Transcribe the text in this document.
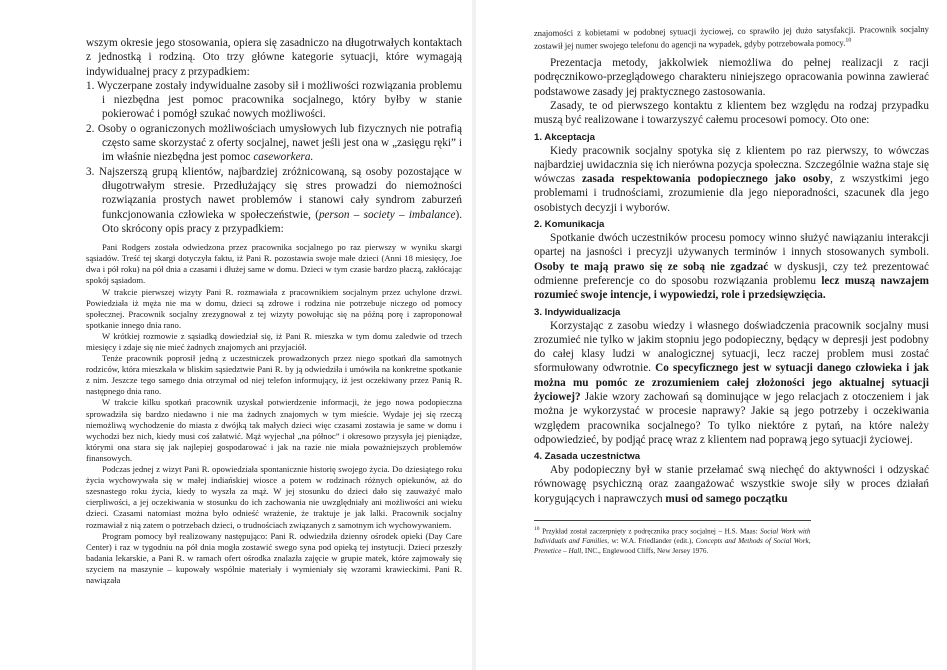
wszym okresie jego stosowania, opiera się zasadniczo na długotrwałych kontaktach z jednostką i rodziną. Oto trzy główne kategorie sytuacji, które wymagają indywidualnej pracy z przypadkiem:

1. Wyczerpane zostały indywidualne zasoby sił i możliwości rozwiązania problemu i niezbędna jest pomoc pracownika socjalnego, który byłby w stanie pokierować i pomógł szukać nowych możliwości.
2. Osoby o ograniczonych możliwościach umysłowych lub fizycznych nie potrafią często same skorzystać z oferty socjalnej, nawet jeśli jest ona w „zasięgu ręki” i im właśnie niezbędna jest pomoc caseworkera.
3. Najszerszą grupą klientów, najbardziej zróżnicowaną, są osoby pozostające w długotrwałym stresie. Przedłużający się stres prowadzi do niemożności rozwiązania prostych nawet problemów i stanowi cały syndrom zaburzeń funkcjonowania człowieka w społeczeństwie, (person – society – imbalance). Oto skrócony opis pracy z przypadkiem:

Pani Rodgers została odwiedzona przez pracownika socjalnego po raz pierwszy w wyniku skargi sąsiadów. Treść tej skargi dotyczyła faktu, iż Pani R. pozostawia swoje małe dzieci (Anni 18 miesięcy, Joe dwa i pół roku) na pół dnia a czasami i dłużej same w domu. Dzieci w tym czasie bardzo płaczą, zakłócając spokój sąsiadom.

W trakcie pierwszej wizyty Pani R. rozmawiała z pracownikiem socjalnym przez uchylone drzwi. Powiedziała iż męża nie ma w domu, dzieci są zdrowe i rodzina nie potrzebuje niczego od pomocy społecznej. Pracownik socjalny zrezygnował z tej wizyty powołując się na późną porę i zaproponował spotkanie innego dnia rano.

W krótkiej rozmowie z sąsiadką dowiedział się, iż Pani R. mieszka w tym domu zaledwie od trzech miesięcy i zdaje się nie mieć żadnych znajomych ani przyjaciół.

Tenże pracownik poprosił jedną z uczestniczek prowadzonych przez niego spotkań dla samotnych rodziców, która mieszkała w bliskim sąsiedztwie Pani R. by ją odwiedziła i umówiła na konkretne spotkanie z nim. Jeszcze tego samego dnia otrzymał od niej telefon informujący, iż jest oczekiwany przez Panią R. następnego dnia rano.

W trakcie kilku spotkań pracownik uzyskał potwierdzenie informacji, że jego nowa podopieczna sprowadziła się bardzo niedawno i nie ma żadnych znajomych w tym mieście. Wydaje jej się rzeczą niemożliwą wychodzenie do miasta z dwójką tak małych dzieci więc czasami zostawia je same w domu i wychodzi bez nich, kiedy musi coś załatwić. Mąż wyjechał „na północ” i okresowo przysyła jej pieniądze, którymi ona stara się jak najlepiej gospodarować i jak na razie nie miała poważniejszych problemów finansowych.

Podczas jednej z wizyt Pani R. opowiedziała spontanicznie historię swojego życia. Do dziesiątego roku życia wychowywała się w małej indiańskiej wiosce a potem w rodzinach różnych opiekunów, aż do szesnastego roku życia, kiedy to wyszła za mąż. W jej stosunku do dzieci dało się zauważyć mało cierpliwości, a jej oczekiwania w stosunku do ich zachowania nie uwzględniały ani możliwości ani wieku dzieci. Czasami natomiast można było odnieść wrażenie, że traktuje je jak lalki. Pracownik socjalny rozmawiał z nią zatem o potrzebach dzieci, o trudnościach związanych z samotnym ich wychowywaniem.

Program pomocy był realizowany następująco: Pani R. odwiedziła dzienny ośrodek opieki (Day Care Center) i raz w tygodniu na pół dnia mogła zostawić swego syna pod opieką tej instytucji. Dzieci przeszły badania lekarskie, a Pani R. w ramach ofert ośrodka znalazła zajęcie w grupie matek, które zajmowały się szyciem na maszynie – kupowały wspólnie materiały i wymieniały się wzorami krawieckimi. Pani R. nawiązała

znajomości z kobietami w podobnej sytuacji życiowej, co sprawiło jej dużo satysfakcji. Pracownik socjalny zostawił jej numer swojego telefonu do agencji na wypadek, gdyby potrzebowała pomocy.$^{10}$

Prezentacja metody, jakkolwiek niemożliwa do pełnej realizacji z racji podręcznikowo-przeglądowego charakteru niniejszego opracowania powinna zawierać podstawowe zasady jej praktycznego zastosowania.

Zasady, te od pierwszego kontaktu z klientem bez względu na rodzaj przypadku muszą być realizowane i towarzyszyć całemu procesowi pomocy. Oto one:

1. Akceptacja

Kiedy pracownik socjalny spotyka się z klientem po raz pierwszy, to wówczas najbardziej uwidacznia się ich nierówna pozycja społeczna. Szczególnie ważna staje się wówczas zasada respektowania podopiecznego jako osoby, z wszystkimi jego problemami i trudnościami, zrozumienie dla jego nieporadności, szacunek dla jego osobistych decyzji i wyborów.

2. Komunikacja

Spotkanie dwóch uczestników procesu pomocy winno służyć nawiązaniu interakcji opartej na jasności i precyzji używanych terminów i innych stosowanych symboli. Osoby te mają prawo się ze sobą nie zgadzać w dyskusji, czy też prezentować odmienne preferencje co do sposobu rozwiązania problemu lecz muszą nawzajem rozumieć swoje intencje, i wypowiedzi, role i przedsięwzięcia.

3. Indywidualizacja

Korzystając z zasobu wiedzy i własnego doświadczenia pracownik socjalny musi zrozumieć nie tylko w jakim stopniu jego podopieczny, będący w depresji jest podobny do całej klasy ludzi w analogicznej sytuacji, lecz raczej problem musi zostać sformułowany odwrotnie. Co specyficznego jest w sytuacji danego człowieka i jak można mu pomóc ze zrozumieniem całej złożoności jego aktualnej sytuacji życiowej? Jakie wzory zachowań są dominujące w jego relacjach z otoczeniem i jak można je wykorzystać w procesie naprawy? Jakie są jego potrzeby i oczekiwania względem pracownika socjalnego? To tylko niektóre z pytań, na które należy odpowiedzieć, by podjąć pracę wraz z klientem nad poprawą jego sytuacji życiowej.

4. Zasada uczestnictwa

Aby podopieczny był w stanie przełamać swą niechęć do aktywności i odzyskać równowagę psychiczną oraz zaangażować wszystkie swoje siły w proces działań korygujących i naprawczych musi od samego początku

$^{10}$ Przykład został zaczerpnięty z podręcznika pracy socjalnej – H.S. Maas: Social Work with Individuals and Families, w: W.A. Friedlander (edit.), Concepts and Methods of Social Work, Prenetice – Hall, INC., Englewood Cliffs, New Jersey 1976.
